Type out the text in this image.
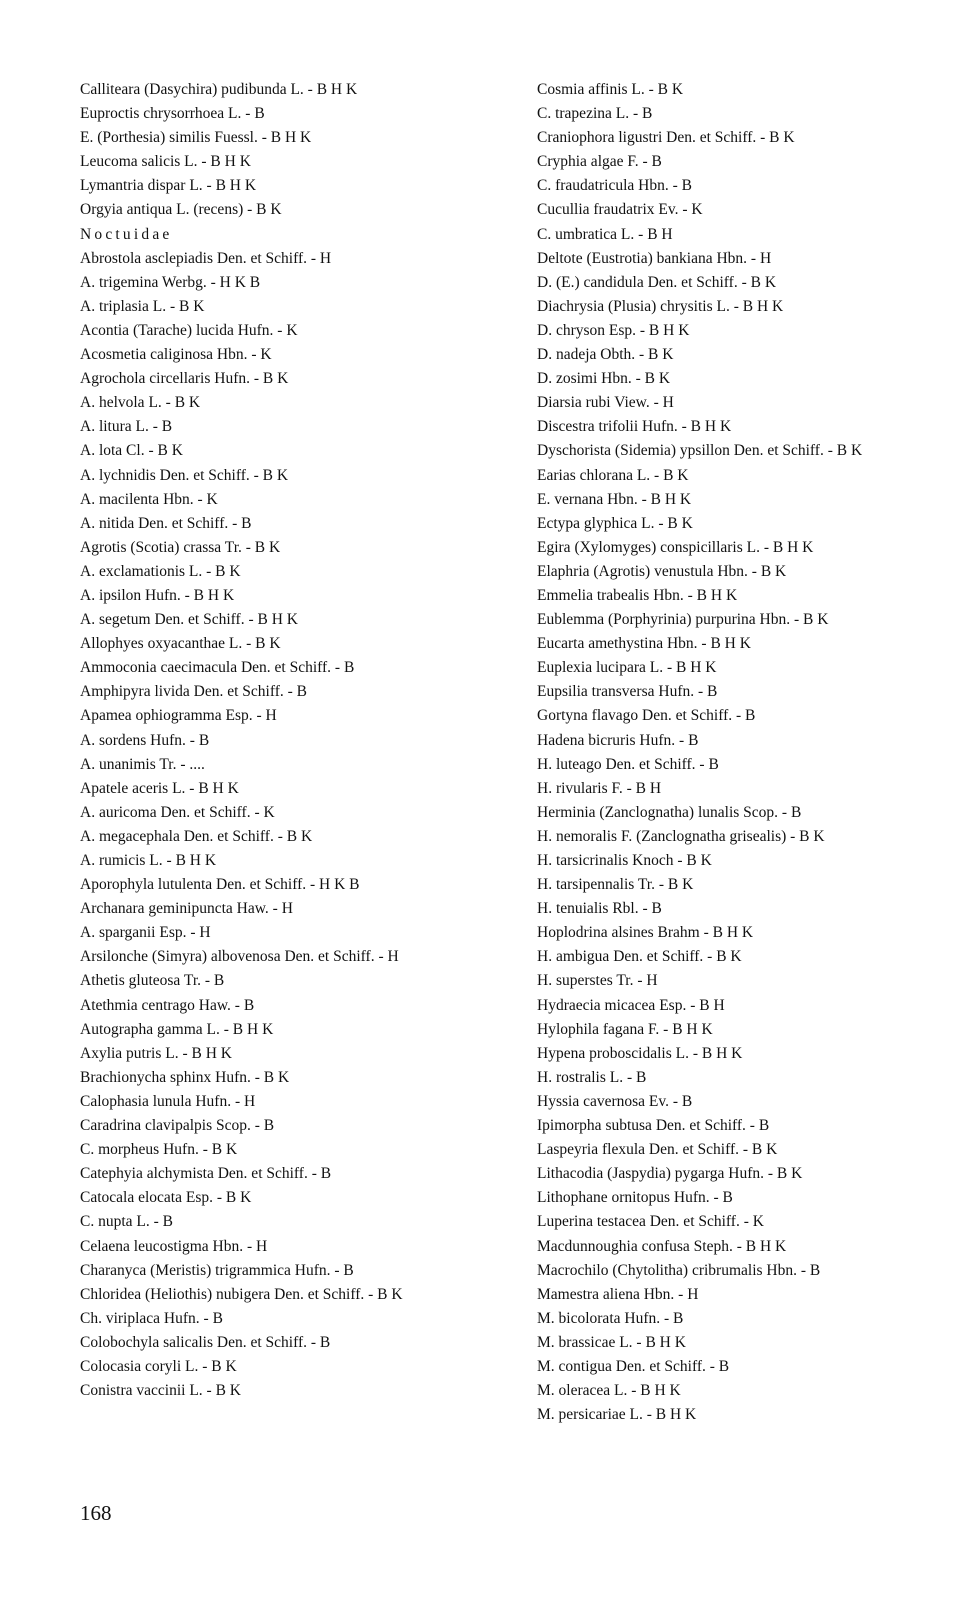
Calliteara (Dasychira) pudibunda L. - B H K
Euproctis chrysorrhoea L. - B
E. (Porthesia) similis Fuessl. - B H K
Leucoma salicis L. - B H K
Lymantria dispar L. - B H K
Orgyia antiqua L. (recens) - B K
Noctuidae
Abrostola asclepiadis Den. et Schiff. - H
A. trigemina Werbg. - H K B
A. triplasia L. - B K
Acontia (Tarache) lucida Hufn. - K
Acosmetia caliginosa Hbn. - K
Agrochola circellaris Hufn. - B K
A. helvola L. - B K
A. litura L. - B
A. lota Cl. - B K
A. lychnidis Den. et Schiff. - B K
A. macilenta Hbn. - K
A. nitida Den. et Schiff. - B
Agrotis (Scotia) crassa Tr. - B K
A. exclamationis L. - B K
A. ipsilon Hufn. - B H K
A. segetum Den. et Schiff. - B H K
Allophyes oxyacanthae L. - B K
Ammoconia caecimacula Den. et Schiff. - B
Amphipyra livida Den. et Schiff. - B
Apamea ophiogramma Esp. - H
A. sordens Hufn. - B
A. unanimis Tr. - ....
Apatele aceris L. - B H K
A. auricoma Den. et Schiff. - K
A. megacephala Den. et Schiff. - B K
A. rumicis L. - B H K
Aporophyla lutulenta Den. et Schiff. - H K B
Archanara geminipuncta Haw. - H
A. sparganii Esp. - H
Arsilonche (Simyra) albovenosa Den. et Schiff. - H
Athetis gluteosa Tr. - B
Atethmia centrago Haw. - B
Autographa gamma L. - B H K
Axylia putris L. - B H K
Brachionycha sphinx Hufn. - B K
Calophasia lunula Hufn. - H
Caradrina clavipalpis Scop. - B
C. morpheus Hufn. - B K
Catephyia alchymista Den. et Schiff. - B
Catocala elocata Esp. - B K
C. nupta L. - B
Celaena leucostigma Hbn. - H
Charanyca (Meristis) trigrammica Hufn. - B
Chloridea (Heliothis) nubigera Den. et Schiff. - B K
Ch. viriplaca Hufn. - B
Colobochyla salicalis Den. et Schiff. - B
Colocasia coryli L. - B K
Conistra vaccinii L. - B K
Cosmia affinis L. - B K
C. trapezina L. - B
Craniophora ligustri Den. et Schiff. - B K
Cryphia algae F. - B
C. fraudatricula Hbn. - B
Cucullia fraudatrix Ev. - K
C. umbratica L. - B H
Deltote (Eustrotia) bankiana Hbn. - H
D. (E.) candidula Den. et Schiff. - B K
Diachrysia (Plusia) chrysitis L. - B H K
D. chryson Esp. - B H K
D. nadeja Obth. - B K
D. zosimi Hbn. - B K
Diarsia rubi View. - H
Discestra trifolii Hufn. - B H K
Dyschorista (Sidemia) ypsillon Den. et Schiff. - B K
Earias chlorana L. - B K
E. vernana Hbn. - B H K
Ectypa glyphica L. - B K
Egira (Xylomyges) conspicillaris L. - B H K
Elaphria (Agrotis) venustula Hbn. - B K
Emmelia trabealis Hbn. - B H K
Eublemma (Porphyrinia) purpurina Hbn. - B K
Eucarta amethystina Hbn. - B H K
Euplexia lucipara L. - B H K
Eupsilia transversa Hufn. - B
Gortyna flavago Den. et Schiff. - B
Hadena bicruris Hufn. - B
H. luteago Den. et Schiff. - B
H. rivularis F. - B H
Herminia (Zanclognatha) lunalis Scop. - B
H. nemoralis F. (Zanclognatha grisealis) - B K
H. tarsicrinalis Knoch - B K
H. tarsipennalis Tr. - B K
H. tenuialis Rbl. - B
Hoplodrina alsines Brahm - B H K
H. ambigua Den. et Schiff. - B K
H. superstes Tr. - H
Hydraecia micacea Esp. - B H
Hylophila fagana F. - B H K
Hypena proboscidalis L. - B H K
H. rostralis L. - B
Hyssia cavernosa Ev. - B
Ipimorpha subtusa Den. et Schiff. - B
Laspeyria flexula Den. et Schiff. - B K
Lithacodia (Jaspydia) pygarga Hufn. - B K
Lithophane ornitopus Hufn. - B
Luperina testacea Den. et Schiff. - K
Macdunnoughia confusa Steph. - B H K
Macrochilo (Chytolitha) cribrumalis Hbn. - B
Mamestra aliena Hbn. - H
M. bicolorata Hufn. - B
M. brassicae L. - B H K
M. contigua Den. et Schiff. - B
M. oleracea L. - B H K
M. persicariae L. - B H K
168
